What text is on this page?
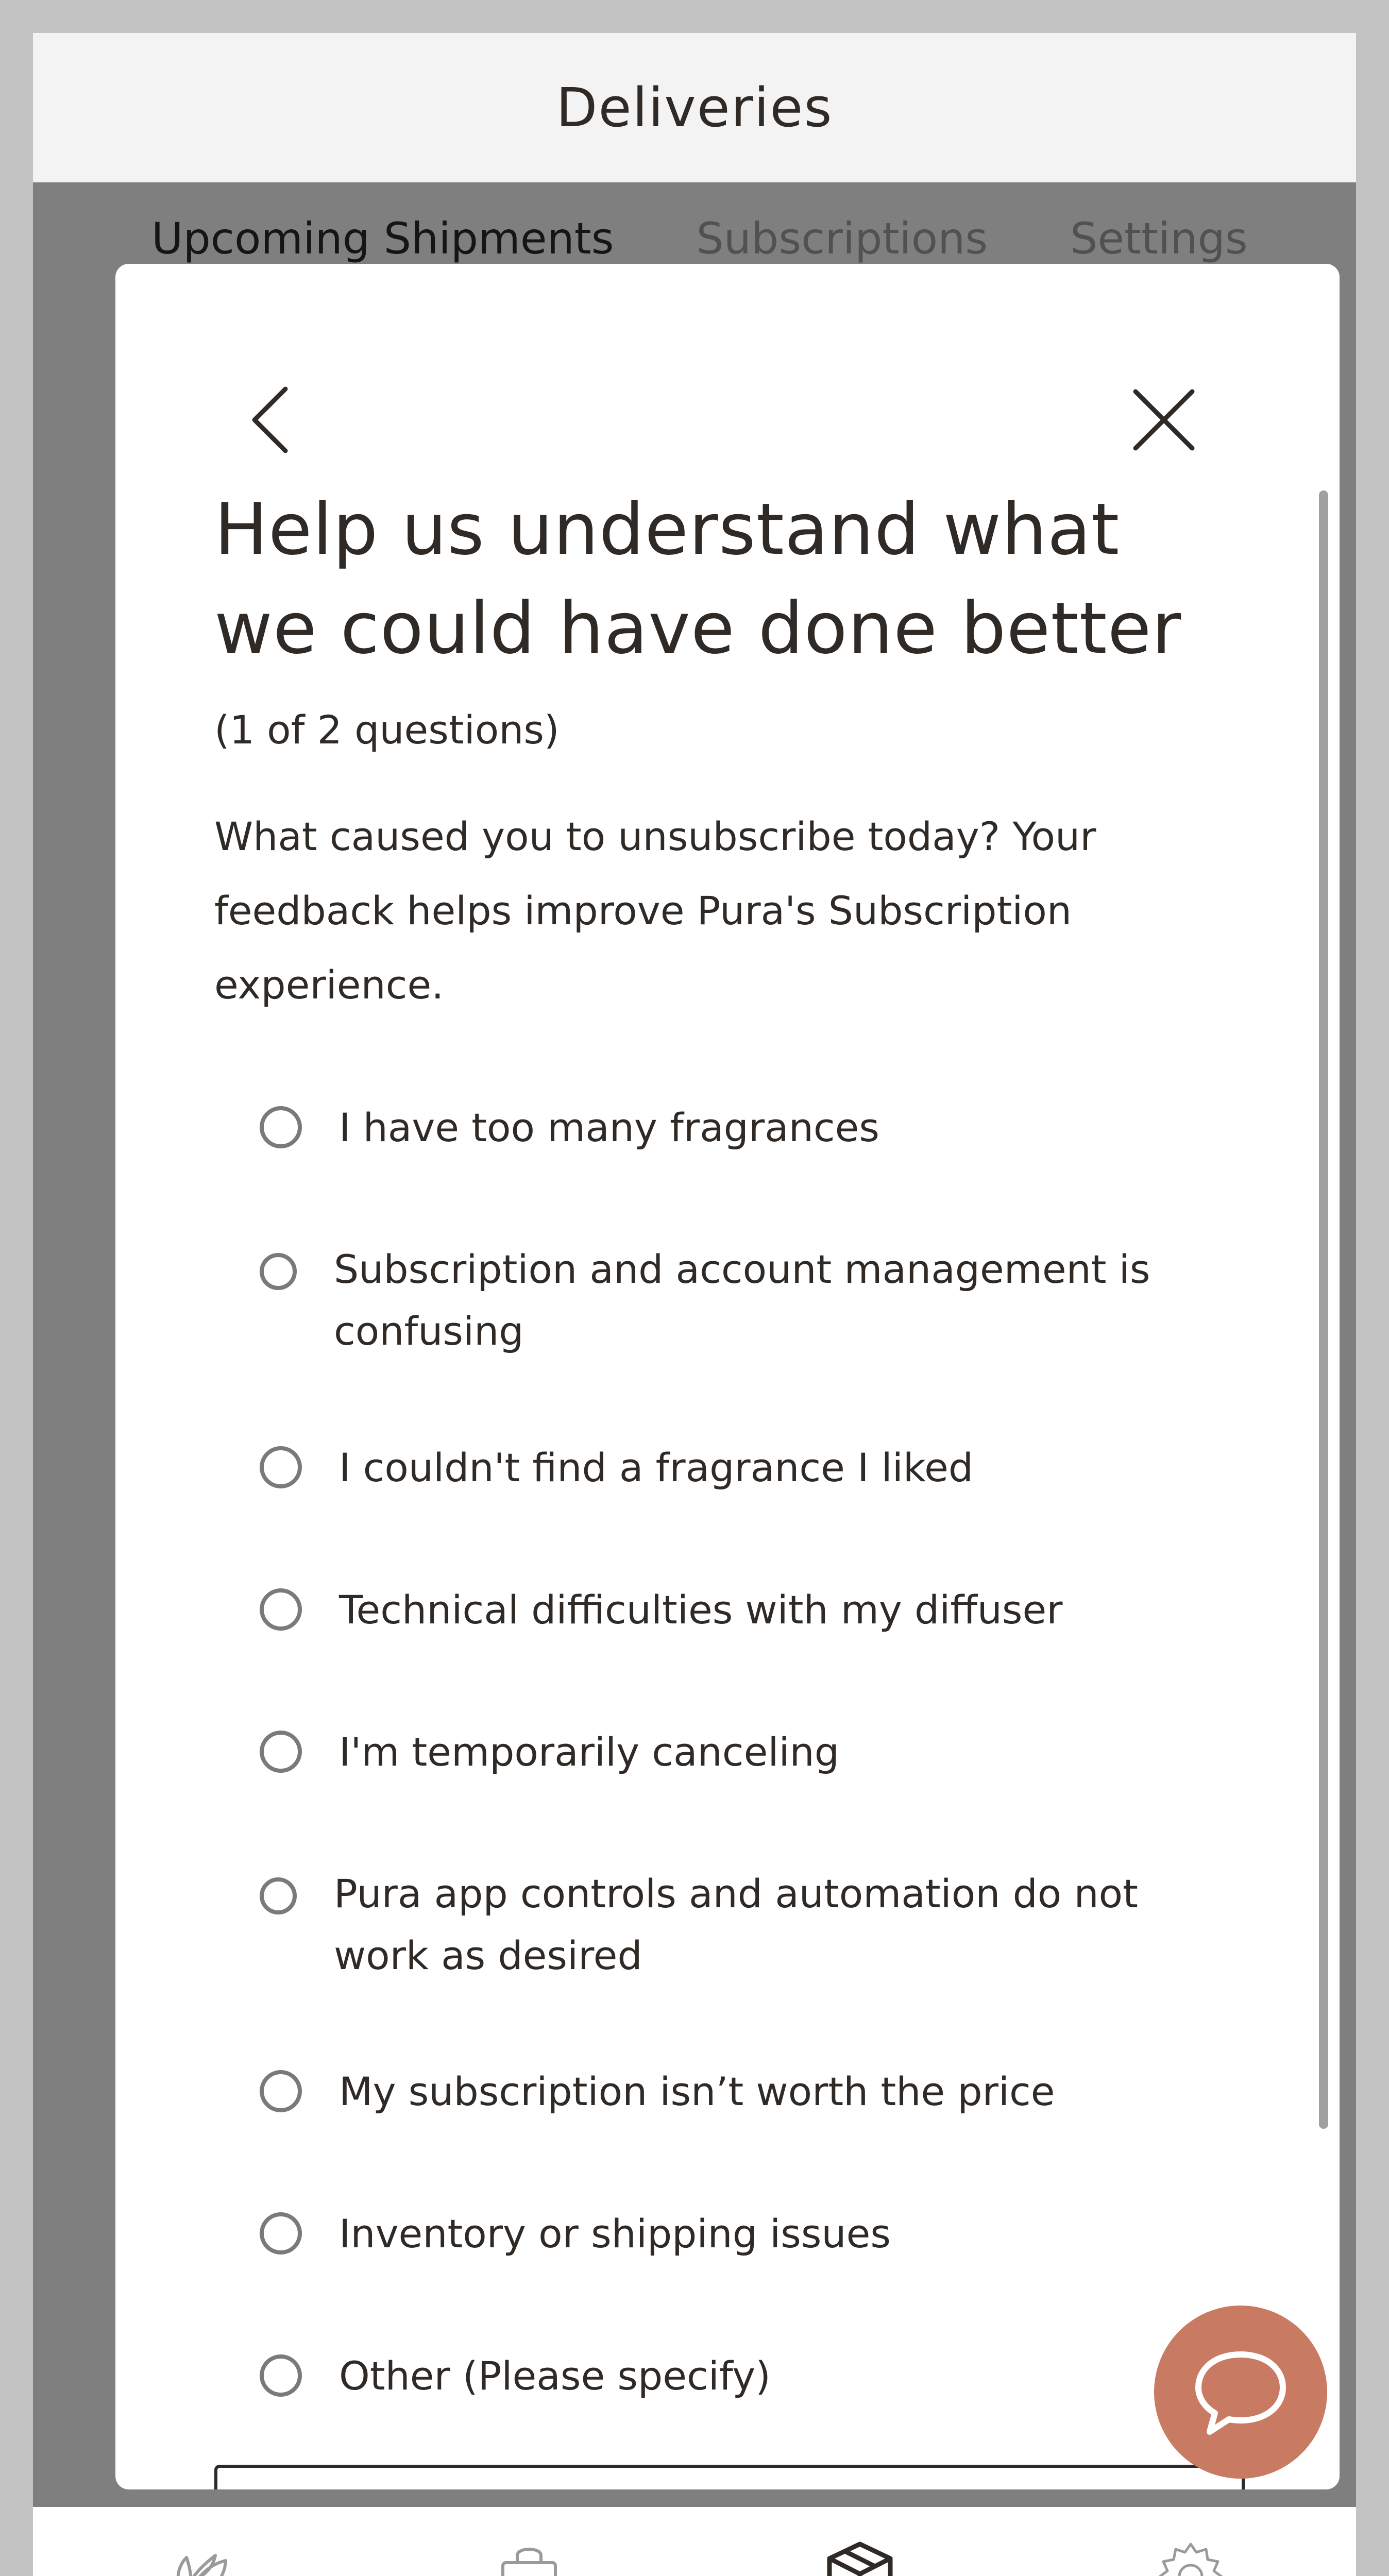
Deliveries
Help us understand what we could have done better
(1 of 2 questions)
What caused you to unsubscribe today? Your feedback helps improve Pura's Subscription experience.
I have too many fragrances
Subscription and account management is confusing
I couldn't find a fragrance I liked
Technical difficulties with my diffuser
I'm temporarily canceling
Pura app controls and automation do not work as desired
My subscription isn’t worth the price
Inventory or shipping issues
Other (Please specify)
